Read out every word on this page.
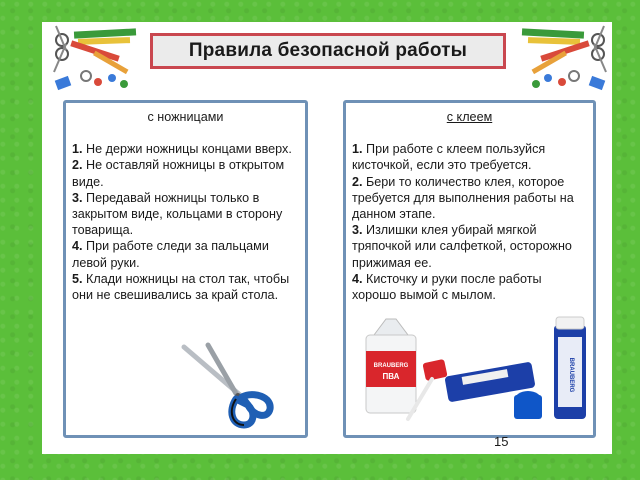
Правила безопасной работы
с ножницами

1. Не держи ножницы концами вверх.

2. Не оставляй ножницы в открытом виде.

3. Передавай ножницы только в закрытом виде, кольцами в сторону товарища.

4. При работе следи за пальцами левой руки.

5. Клади ножницы на стол так, чтобы они не свешивались за край стола.

с клеем

1. При работе с клеем пользуйся кисточкой, если это требуется.

2. Бери то количество клея, которое требуется для выполнения работы на данном этапе.

3. Излишки клея убирай мягкой тряпочкой или салфеткой, осторожно прижимая ее.

4. Кисточку и руки после работы хорошо вымой с мылом.

BRAUBERG
ПВА	BRAUBERG
15
